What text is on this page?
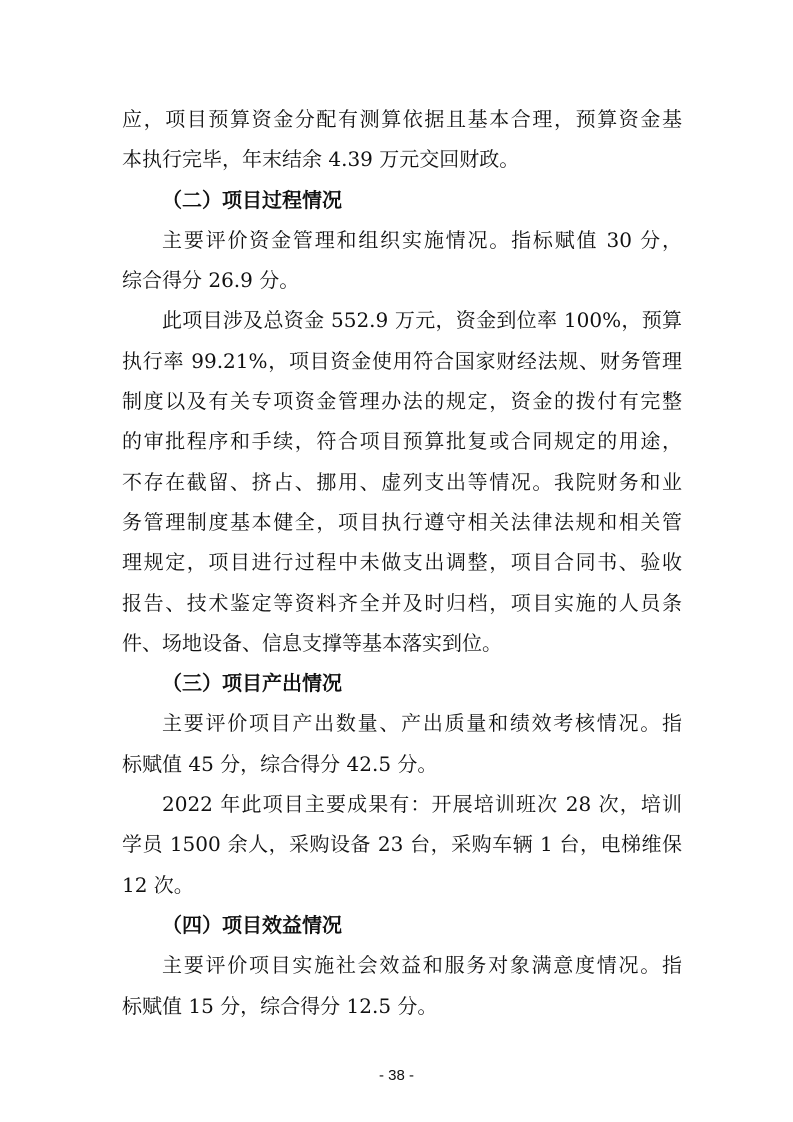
应，项目预算资金分配有测算依据且基本合理，预算资金基
本执行完毕，年末结余 4.39 万元交回财政。
（二）项目过程情况
主要评价资金管理和组织实施情况。指标赋值 30 分，
综合得分 26.9 分。
此项目涉及总资金 552.9 万元，资金到位率 100%，预算
执行率 99.21%，项目资金使用符合国家财经法规、财务管理
制度以及有关专项资金管理办法的规定，资金的拨付有完整
的审批程序和手续，符合项目预算批复或合同规定的用途，
不存在截留、挤占、挪用、虚列支出等情况。我院财务和业
务管理制度基本健全，项目执行遵守相关法律法规和相关管
理规定，项目进行过程中未做支出调整，项目合同书、验收
报告、技术鉴定等资料齐全并及时归档，项目实施的人员条
件、场地设备、信息支撑等基本落实到位。
（三）项目产出情况
主要评价项目产出数量、产出质量和绩效考核情况。指
标赋值 45 分，综合得分 42.5 分。
2022 年此项目主要成果有：开展培训班次 28 次，培训
学员 1500 余人，采购设备 23 台，采购车辆 1 台，电梯维保
12 次。
（四）项目效益情况
主要评价项目实施社会效益和服务对象满意度情况。指
标赋值 15 分，综合得分 12.5 分。
- 38 -
